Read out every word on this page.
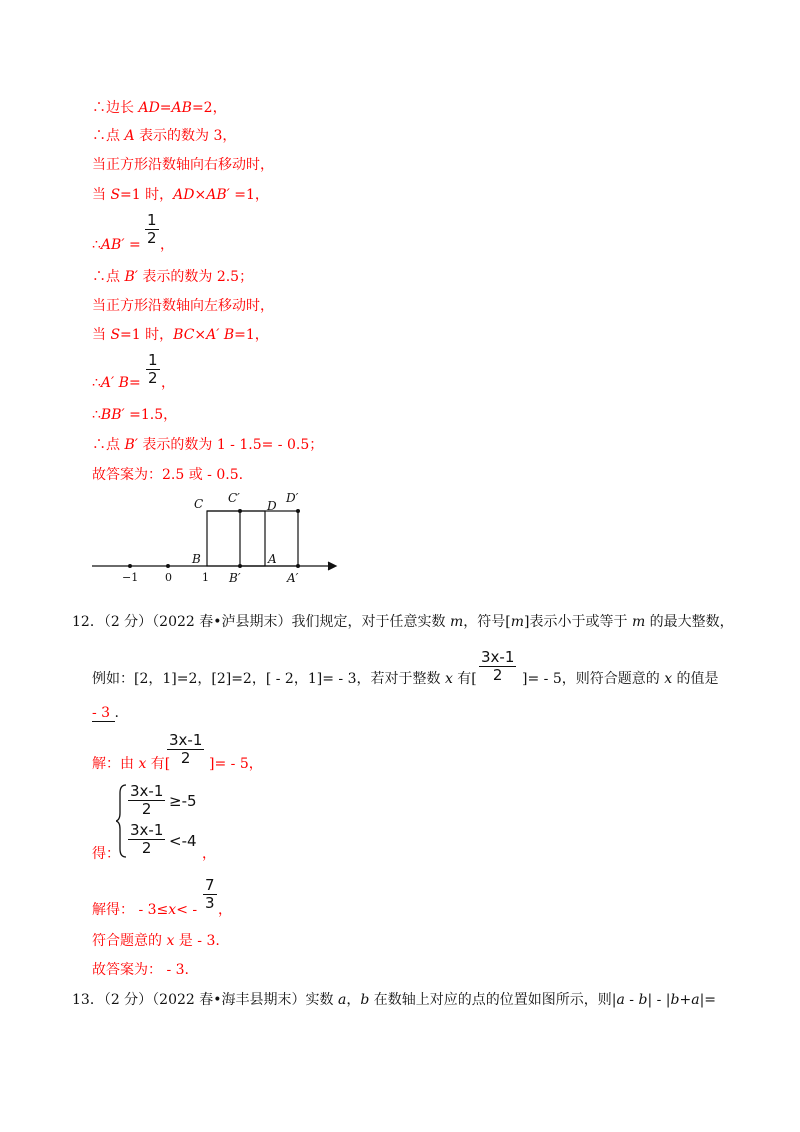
∴边长 AD=AB=2，

∴点 A 表示的数为 3，

当正方形沿数轴向右移动时，

当 S=1 时，AD×AB′ =1，

∴AB′ = $\frac{1}{2}$ ，

∴点 B′ 表示的数为 2.5；

当正方形沿数轴向左移动时，

当 S=1 时，BC×A′ B=1，

∴A′ $B= \frac{1}{2}$ ，

∴BB′ =1.5，

∴点 B′ 表示的数为 1 - 1.5= - 0.5；

故答案为：2.5 或 - 0.5.

C C′
D
D′
B	A
B′	A′
−1 0	1

12．（2 分）（2022 春•泸县期末）我们规定，对于任意实数 m，符号[m]表示小于或等于 m 的最大整数，

例如：[2，1]=2，[2]=2，[ - 2，1]= - 3，若对于整数 x 有[ $\frac{3x-1}{2}$ ]= - 5，则符合题意的 x 的值是

- 3 .

解：由 x 有[

$\frac{3x-1}{2}$ ]= - 5，

$\frac{3x-1}{2} \ge-5$

$\frac{3x-1}{2} <-4$

得：	，

解得： - $3\le x< - \frac{7}{3}$ ，

符合题意的 x 是 - 3.

故答案为： - 3.

13．（2 分）（2022 春•海丰县期末）实数 a，b 在数轴上对应的点的位置如图所示，则|a - b| - |b+a|=
